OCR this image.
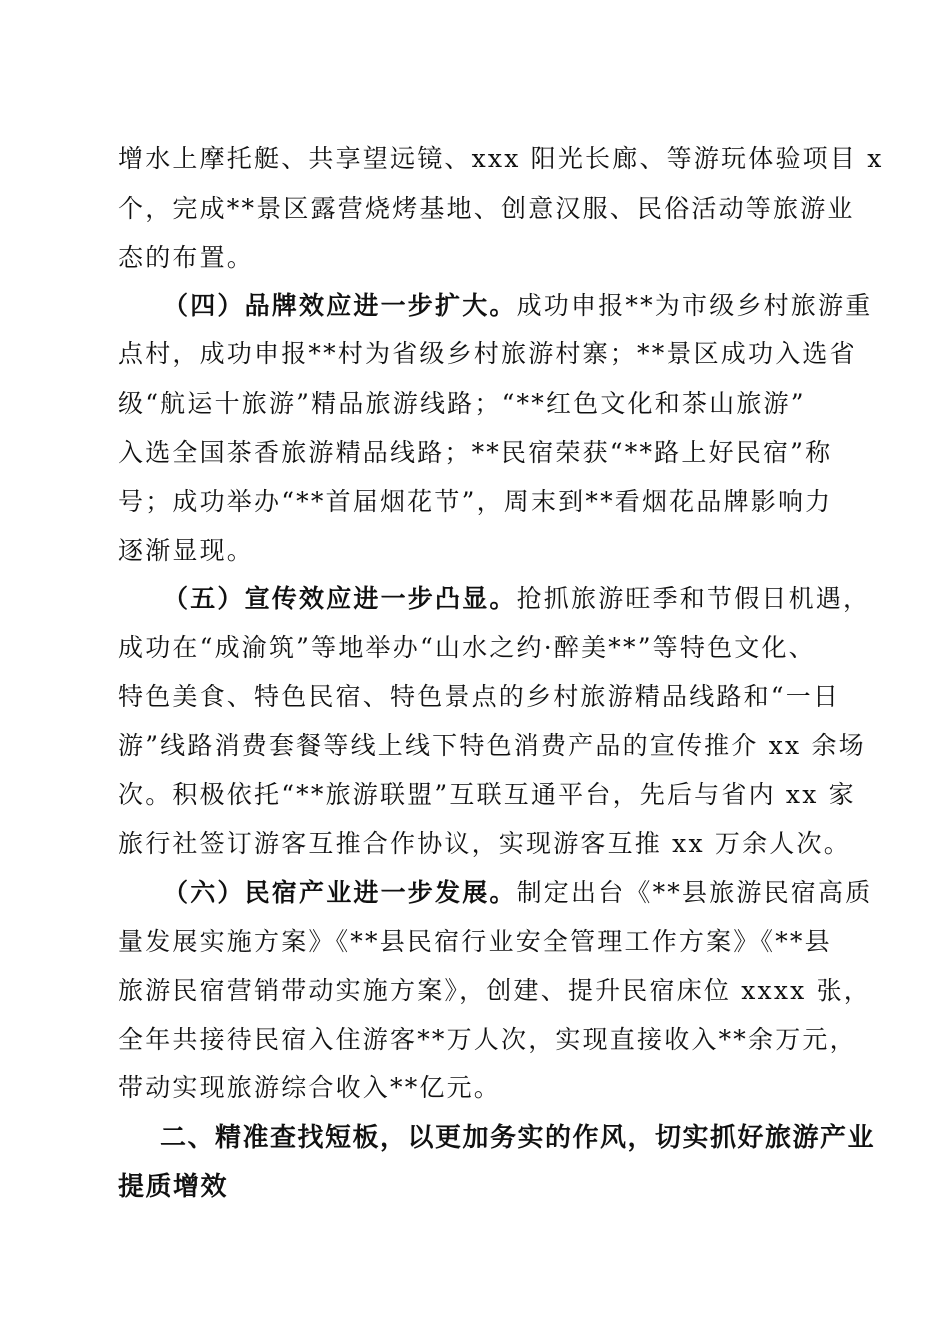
增水上摩托艇、共享望远镜、xxx 阳光长廊、等游玩体验项目 x
个，完成**景区露营烧烤基地、创意汉服、民俗活动等旅游业
态的布置。
（四）品牌效应进一步扩大。成功申报**为市级乡村旅游重
点村，成功申报**村为省级乡村旅游村寨；**景区成功入选省
级“航运十旅游”精品旅游线路；“**红色文化和茶山旅游”
入选全国茶香旅游精品线路；**民宿荣获“**路上好民宿”称
号；成功举办“**首届烟花节”，周末到**看烟花品牌影响力
逐渐显现。
（五）宣传效应进一步凸显。抢抓旅游旺季和节假日机遇，
成功在“成渝筑”等地举办“山水之约·醉美**”等特色文化、
特色美食、特色民宿、特色景点的乡村旅游精品线路和“一日
游”线路消费套餐等线上线下特色消费产品的宣传推介 xx 余场
次。积极依托“**旅游联盟”互联互通平台，先后与省内 xx 家
旅行社签订游客互推合作协议，实现游客互推 xx 万余人次。
（六）民宿产业进一步发展。制定出台《**县旅游民宿高质
量发展实施方案》《**县民宿行业安全管理工作方案》《**县
旅游民宿营销带动实施方案》，创建、提升民宿床位 xxxx 张，
全年共接待民宿入住游客**万人次，实现直接收入**余万元，
带动实现旅游综合收入**亿元。
二、精准查找短板，以更加务实的作风，切实抓好旅游产业
提质增效
